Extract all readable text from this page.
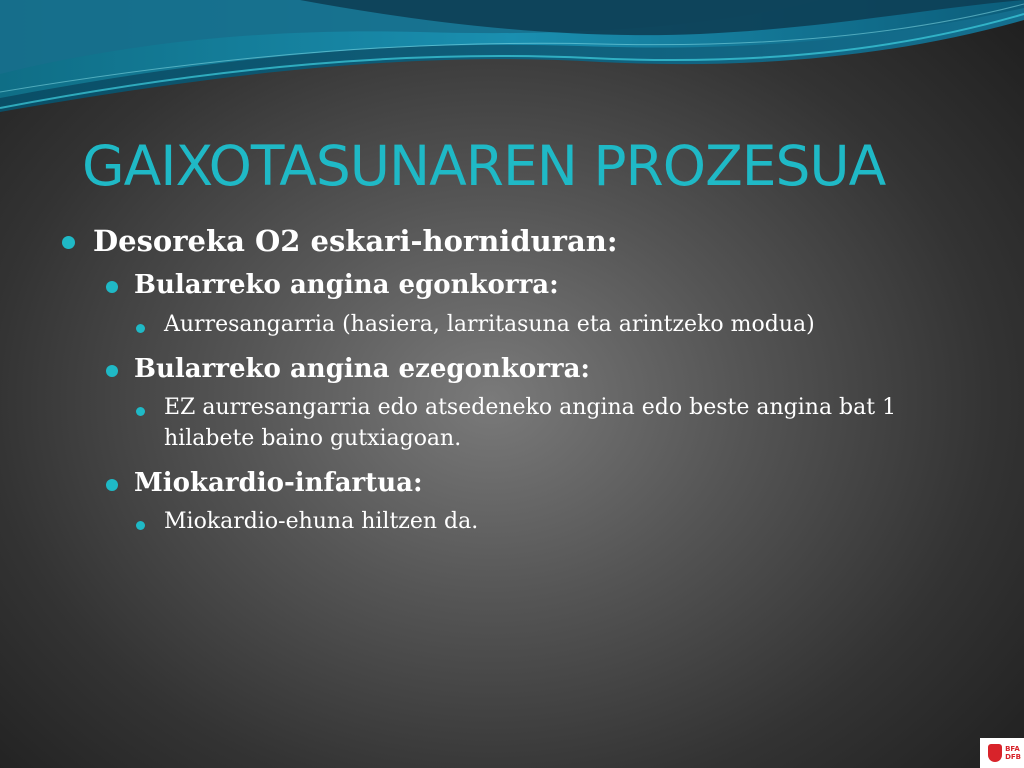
GAIXOTASUNAREN PROZESUA
Desoreka O2 eskari-horniduran:
Bularreko angina egonkorra:
Aurresangarria (hasiera, larritasuna eta arintzeko modua)
Bularreko angina ezegonkorra:
EZ aurresangarria edo atsedeneko angina edo beste angina bat 1 hilabete baino gutxiagoan.
Miokardio-infartua:
Miokardio-ehuna hiltzen da.
BFA
DFB
